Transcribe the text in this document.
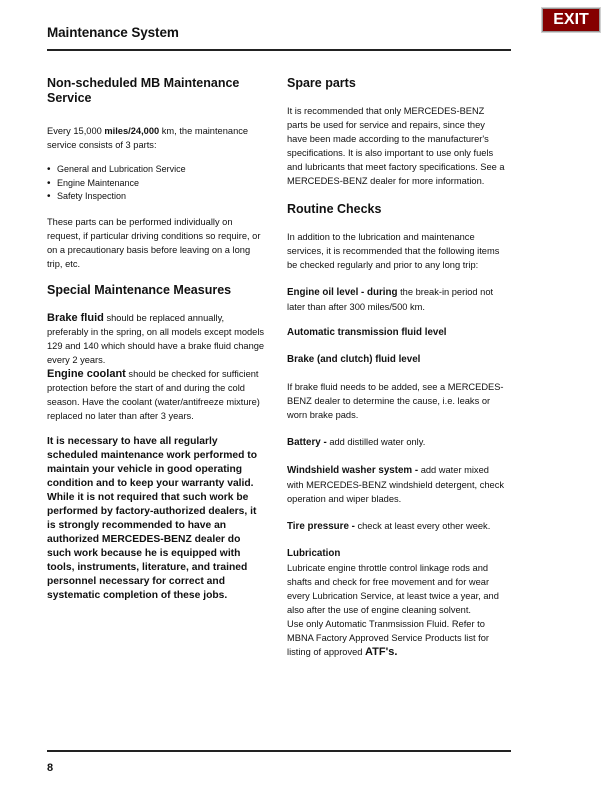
Maintenance System
EXIT
Non-scheduled MB Maintenance Service

Every 15,000 miles/24,000 km, the maintenance service consists of 3 parts:

• General and Lubrication Service
• Engine Maintenance
• Safety Inspection

These parts can be performed individually on request, if particular driving conditions so require, or on a precautionary basis before leaving on a long trip, etc.

Special Maintenance Measures

Brake fluid should be replaced annually, preferably in the spring, on all models except models 129 and 140 which should have a brake fluid change every 2 years.

Engine coolant should be checked for sufficient protection before the start of and during the cold season. Have the coolant (water/antifreeze mixture) replaced no later than after 3 years.

It is necessary to have all regularly scheduled maintenance work performed to maintain your vehicle in good operating condition and to keep your warranty valid. While it is not required that such work be performed by factory-authorized dealers, it is strongly recommended to have an authorized MERCEDES-BENZ dealer do such work because he is equipped with tools, instruments, literature, and trained personnel necessary for correct and systematic completion of these jobs.

Spare parts

It is recommended that only MERCEDES-BENZ parts be used for service and repairs, since they have been made according to the manufacturer's specifications. It is also important to use only fuels and lubricants that meet factory specifications. See a MERCEDES-BENZ dealer for more information.

Routine Checks

In addition to the lubrication and maintenance services, it is recommended that the following items be checked regularly and prior to any long trip:

Engine oil level - during the break-in period not later than after 300 miles/500 km.

Automatic transmission fluid level

Brake (and clutch) fluid level

If brake fluid needs to be added, see a MERCEDES-BENZ dealer to determine the cause, i.e. leaks or worn brake pads.

Battery - add distilled water only.

Windshield washer system - add water mixed with MERCEDES-BENZ windshield detergent, check operation and wiper blades.

Tire pressure - check at least every other week.

Lubrication

Lubricate engine throttle control linkage rods and shafts and check for free movement and for wear every Lubrication Service, at least twice a year, and also after the use of engine cleaning solvent.

Use only Automatic Tranmsission Fluid. Refer to MBNA Factory Approved Service Products list for listing of approved ATF's.

8
